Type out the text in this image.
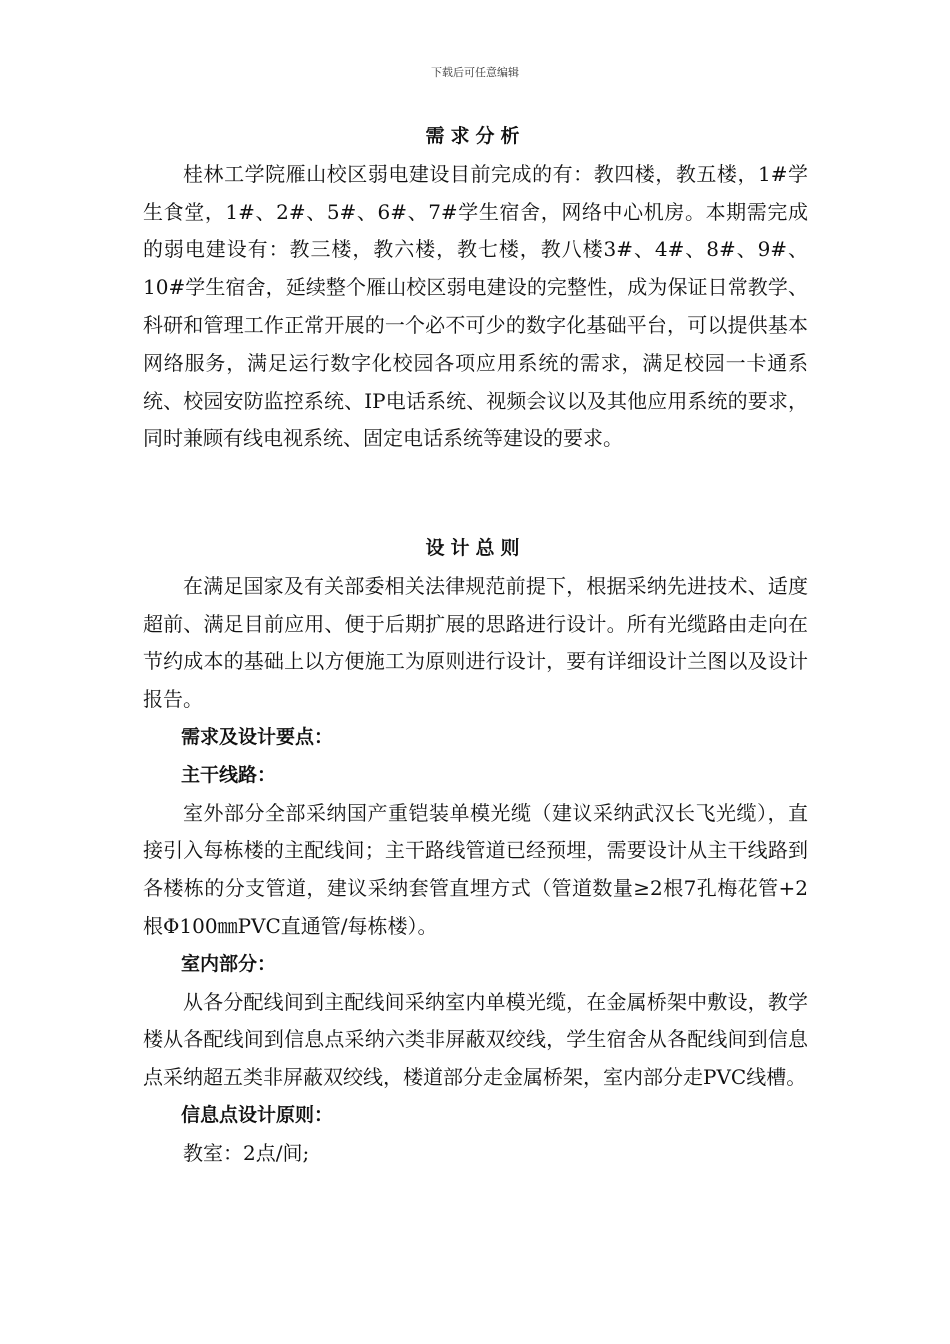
下载后可任意编辑
需求分析

桂林工学院雁山校区弱电建设目前完成的有：教四楼，教五楼，1#学生食堂，1#、2#、5#、6#、7#学生宿舍，网络中心机房。本期需完成的弱电建设有：教三楼，教六楼，教七楼，教八楼3#、4#、8#、9#、10#学生宿舍，延续整个雁山校区弱电建设的完整性，成为保证日常教学、科研和管理工作正常开展的一个必不可少的数字化基础平台，可以提供基本网络服务，满足运行数字化校园各项应用系统的需求，满足校园一卡通系统、校园安防监控系统、IP电话系统、视频会议以及其他应用系统的要求，同时兼顾有线电视系统、固定电话系统等建设的要求。

设计总则

在满足国家及有关部委相关法律规范前提下，根据采纳先进技术、适度超前、满足目前应用、便于后期扩展的思路进行设计。所有光缆路由走向在节约成本的基础上以方便施工为原则进行设计，要有详细设计兰图以及设计报告。

需求及设计要点：

主干线路：

室外部分全部采纳国产重铠装单模光缆（建议采纳武汉长飞光缆），直接引入每栋楼的主配线间；主干路线管道已经预埋，需要设计从主干线路到各楼栋的分支管道，建议采纳套管直埋方式（管道数量≥2根7孔梅花管+2根Φ100㎜PVC直通管/每栋楼）。

室内部分：

从各分配线间到主配线间采纳室内单模光缆，在金属桥架中敷设，教学楼从各配线间到信息点采纳六类非屏蔽双绞线，学生宿舍从各配线间到信息点采纳超五类非屏蔽双绞线，楼道部分走金属桥架，室内部分走PVC线槽。

信息点设计原则：

教室：2点/间;
